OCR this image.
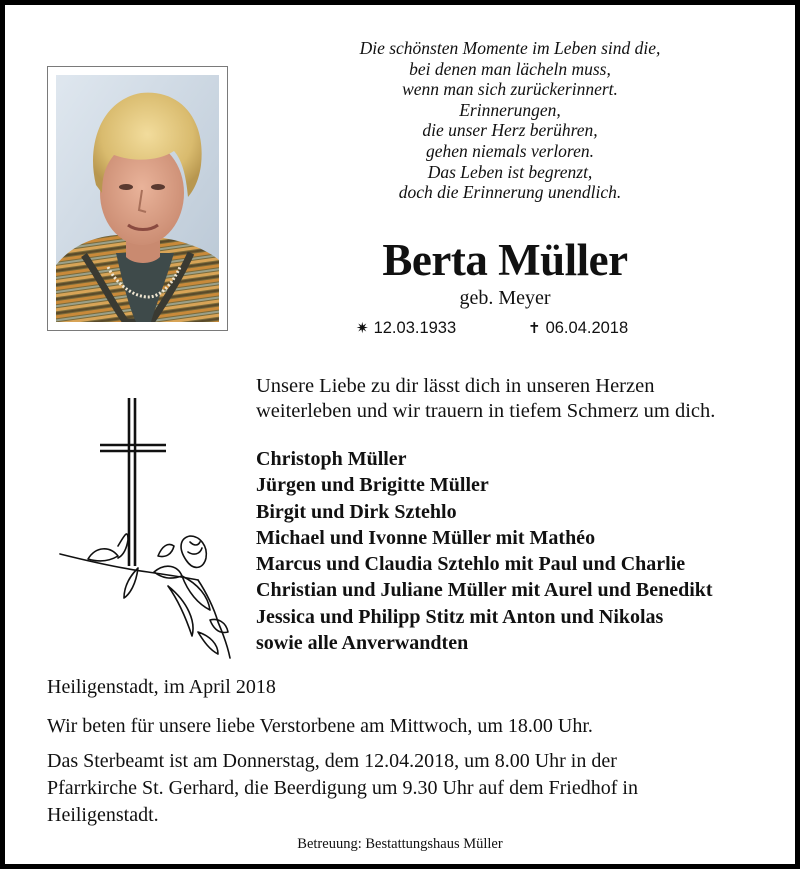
Die schönsten Momente im Leben sind die,
bei denen man lächeln muss,
wenn man sich zurückerinnert.
Erinnerungen,
die unser Herz berühren,
gehen niemals verloren.
Das Leben ist begrenzt,
doch die Erinnerung unendlich.
Berta Müller
geb. Meyer
✷ 12.03.1933	✝ 06.04.2018
Unsere Liebe zu dir lässt dich in unseren Herzen
weiterleben und wir trauern in tiefem Schmerz um dich.
Christoph Müller
Jürgen und Brigitte Müller
Birgit und Dirk Sztehlo
Michael und Ivonne Müller mit Mathéo
Marcus und Claudia Sztehlo mit Paul und Charlie
Christian und Juliane Müller mit Aurel und Benedikt
Jessica und Philipp Stitz mit Anton und Nikolas
sowie alle Anverwandten
Heiligenstadt, im April 2018
Wir beten für unsere liebe Verstorbene am Mittwoch, um 18.00 Uhr.
Das Sterbeamt ist am Donnerstag, dem 12.04.2018, um 8.00 Uhr in der
Pfarrkirche St. Gerhard, die Beerdigung um 9.30 Uhr auf dem Friedhof in
Heiligenstadt.
Betreuung: Bestattungshaus Müller
